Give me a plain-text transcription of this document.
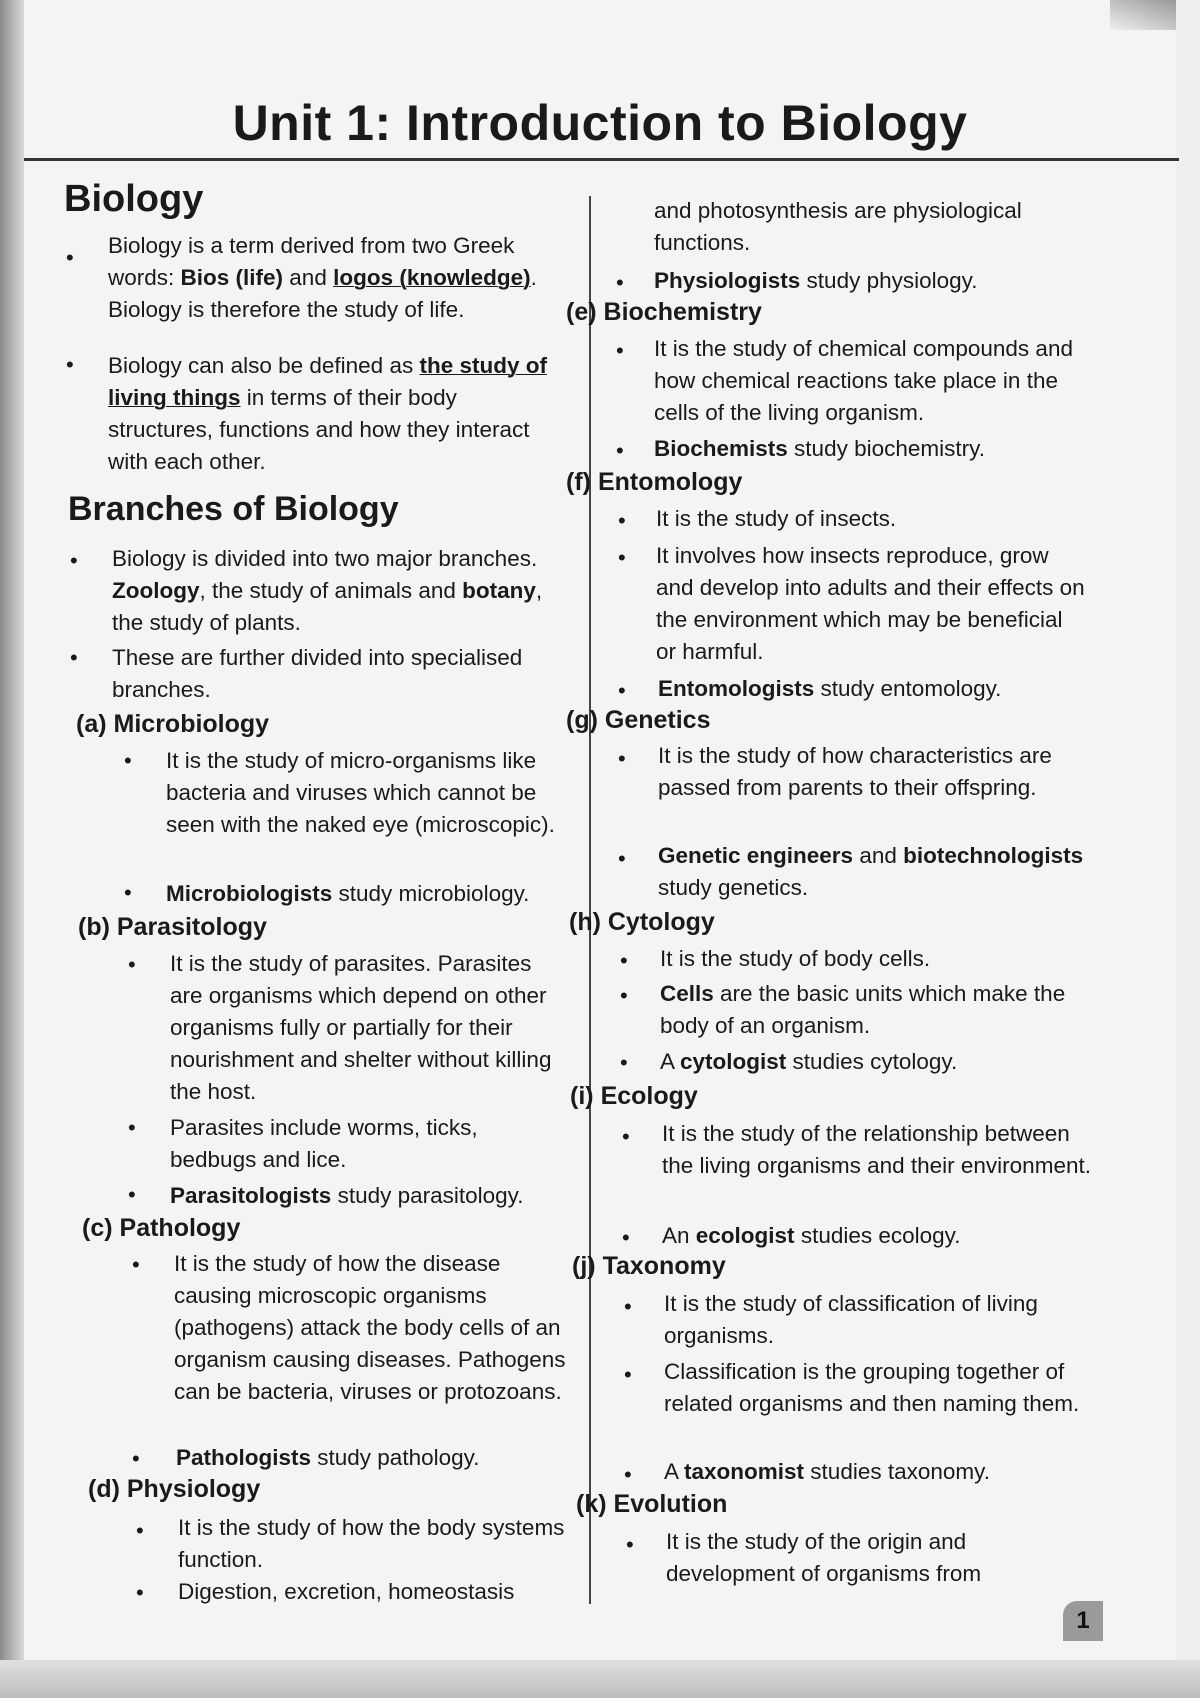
Unit 1: Introduction to Biology
Biology
• Biology is a term derived from two Greek words: Bios (life) and logos (knowledge). Biology is therefore the study of life.

• Biology can also be defined as the study of living things in terms of their body structures, functions and how they interact with each other.

Branches of Biology
• Biology is divided into two major branches. Zoology, the study of animals and botany, the study of plants.

• These are further divided into specialised branches.

(a) Microbiology
• It is the study of micro-organisms like bacteria and viruses which cannot be seen with the naked eye (microscopic).

• Microbiologists study microbiology.

(b) Parasitology
• It is the study of parasites. Parasites are organisms which depend on other organisms fully or partially for their nourishment and shelter without killing the host.

• Parasites include worms, ticks, bedbugs and lice.

• Parasitologists study parasitology.

(c) Pathology
• It is the study of how the disease causing microscopic organisms (pathogens) attack the body cells of an organism causing diseases. Pathogens can be bacteria, viruses or protozoans.

• Pathologists study pathology.

(d) Physiology
• It is the study of how the body systems function.

• Digestion, excretion, homeostasis

and photosynthesis are physiological functions.

• Physiologists study physiology.

(e) Biochemistry
• It is the study of chemical compounds and how chemical reactions take place in the cells of the living organism.

• Biochemists study biochemistry.

(f) Entomology
• It is the study of insects.

• It involves how insects reproduce, grow and develop into adults and their effects on the environment which may be beneficial or harmful.

• Entomologists study entomology.

(g) Genetics
• It is the study of how characteristics are passed from parents to their offspring.

• Genetic engineers and biotechnologists study genetics.

(h) Cytology
• It is the study of body cells.

• Cells are the basic units which make the body of an organism.

• A cytologist studies cytology.

(i) Ecology
• It is the study of the relationship between the living organisms and their environment.

• An ecologist studies ecology.

(j) Taxonomy
• It is the study of classification of living organisms.

• Classification is the grouping together of related organisms and then naming them.

• A taxonomist studies taxonomy.

(k) Evolution
• It is the study of the origin and development of organisms from

1
